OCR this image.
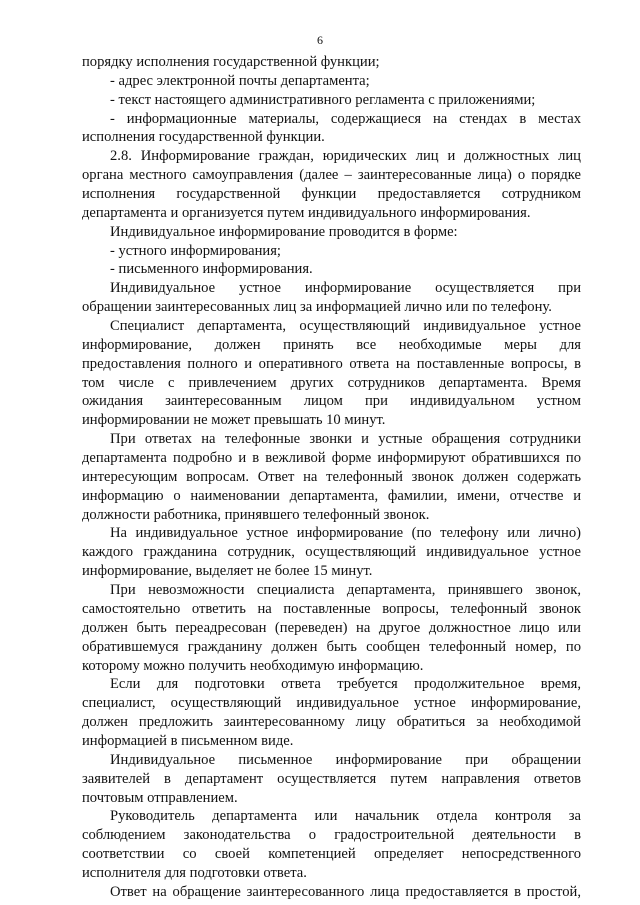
6
порядку исполнения государственной функции;
- адрес электронной почты департамента;
- текст настоящего административного регламента с приложениями;
- информационные материалы, содержащиеся на стендах в местах
исполнения государственной функции.
2.8. Информирование граждан, юридических лиц и должностных лиц
органа местного самоуправления (далее – заинтересованные лица) о порядке
исполнения государственной функции предоставляется сотрудником
департамента и организуется путем индивидуального информирования.
Индивидуальное информирование проводится в форме:
- устного информирования;
- письменного информирования.
Индивидуальное устное информирование осуществляется при
обращении заинтересованных лиц за информацией лично или по телефону.
Специалист департамента, осуществляющий индивидуальное устное
информирование, должен принять все необходимые меры для
предоставления полного и оперативного ответа на поставленные вопросы, в
том числе с привлечением других сотрудников департамента. Время
ожидания заинтересованным лицом при индивидуальном устном
информировании не может превышать 10 минут.
При ответах на телефонные звонки и устные обращения сотрудники
департамента подробно и в вежливой форме информируют обратившихся по
интересующим вопросам. Ответ на телефонный звонок должен содержать
информацию о наименовании департамента, фамилии, имени, отчестве и
должности работника, принявшего телефонный звонок.
На индивидуальное устное информирование (по телефону или лично)
каждого гражданина сотрудник, осуществляющий индивидуальное устное
информирование, выделяет не более 15 минут.
При невозможности специалиста департамента, принявшего звонок,
самостоятельно ответить на поставленные вопросы, телефонный звонок
должен быть переадресован (переведен) на другое должностное лицо или
обратившемуся гражданину должен быть сообщен телефонный номер, по
которому можно получить необходимую информацию.
Если для подготовки ответа требуется продолжительное время,
специалист, осуществляющий индивидуальное устное информирование,
должен предложить заинтересованному лицу обратиться за необходимой
информацией в письменном виде.
Индивидуальное письменное информирование при обращении
заявителей в департамент осуществляется путем направления ответов
почтовым отправлением.
Руководитель департамента или начальник отдела контроля за
соблюдением законодательства о градостроительной деятельности в
соответствии со своей компетенцией определяет непосредственного
исполнителя для подготовки ответа.
Ответ на обращение заинтересованного лица предоставляется в простой,
